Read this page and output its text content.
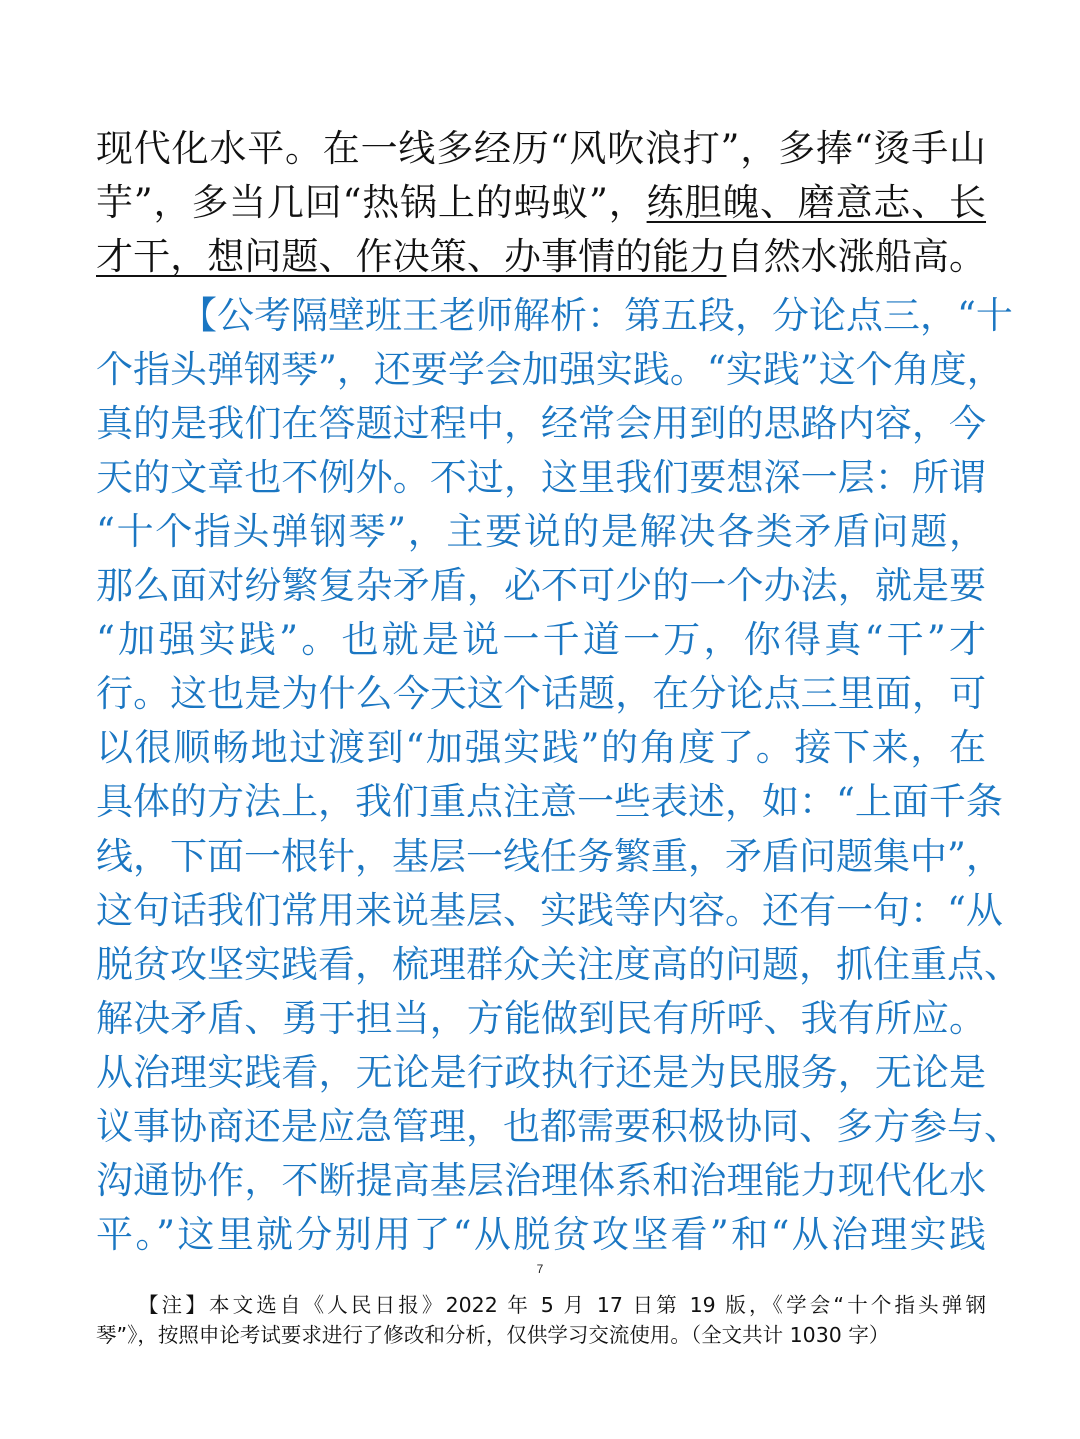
现代化水平。在一线多经历“风吹浪打”，多捧“烫手山
芋”，多当几回“热锅上的蚂蚁”，练胆魄、磨意志、长
才干，想问题、作决策、办事情的能力自然水涨船高。
【公考隔壁班王老师解析：第五段，分论点三，“十
个指头弹钢琴”，还要学会加强实践。“实践”这个角度，
真的是我们在答题过程中，经常会用到的思路内容，今
天的文章也不例外。不过，这里我们要想深一层：所谓
“十个指头弹钢琴”，主要说的是解决各类矛盾问题，
那么面对纷繁复杂矛盾，必不可少的一个办法，就是要
“加强实践”。也就是说一千道一万，你得真“干”才
行。这也是为什么今天这个话题，在分论点三里面，可
以很顺畅地过渡到“加强实践”的角度了。接下来，在
具体的方法上，我们重点注意一些表述，如：“上面千条
线，下面一根针，基层一线任务繁重，矛盾问题集中”，
这句话我们常用来说基层、实践等内容。还有一句：“从
脱贫攻坚实践看，梳理群众关注度高的问题，抓住重点、
解决矛盾、勇于担当，方能做到民有所呼、我有所应。
从治理实践看，无论是行政执行还是为民服务，无论是
议事协商还是应急管理，也都需要积极协同、多方参与、
沟通协作，不断提高基层治理体系和治理能力现代化水
平。”这里就分别用了“从脱贫攻坚看”和“从治理实践
7
【注】本文选自《人民日报》2022 年 5 月 17 日第 19 版，《学会“十个指头弹钢
琴”》，按照申论考试要求进行了修改和分析，仅供学习交流使用。（全文共计 1030 字）
